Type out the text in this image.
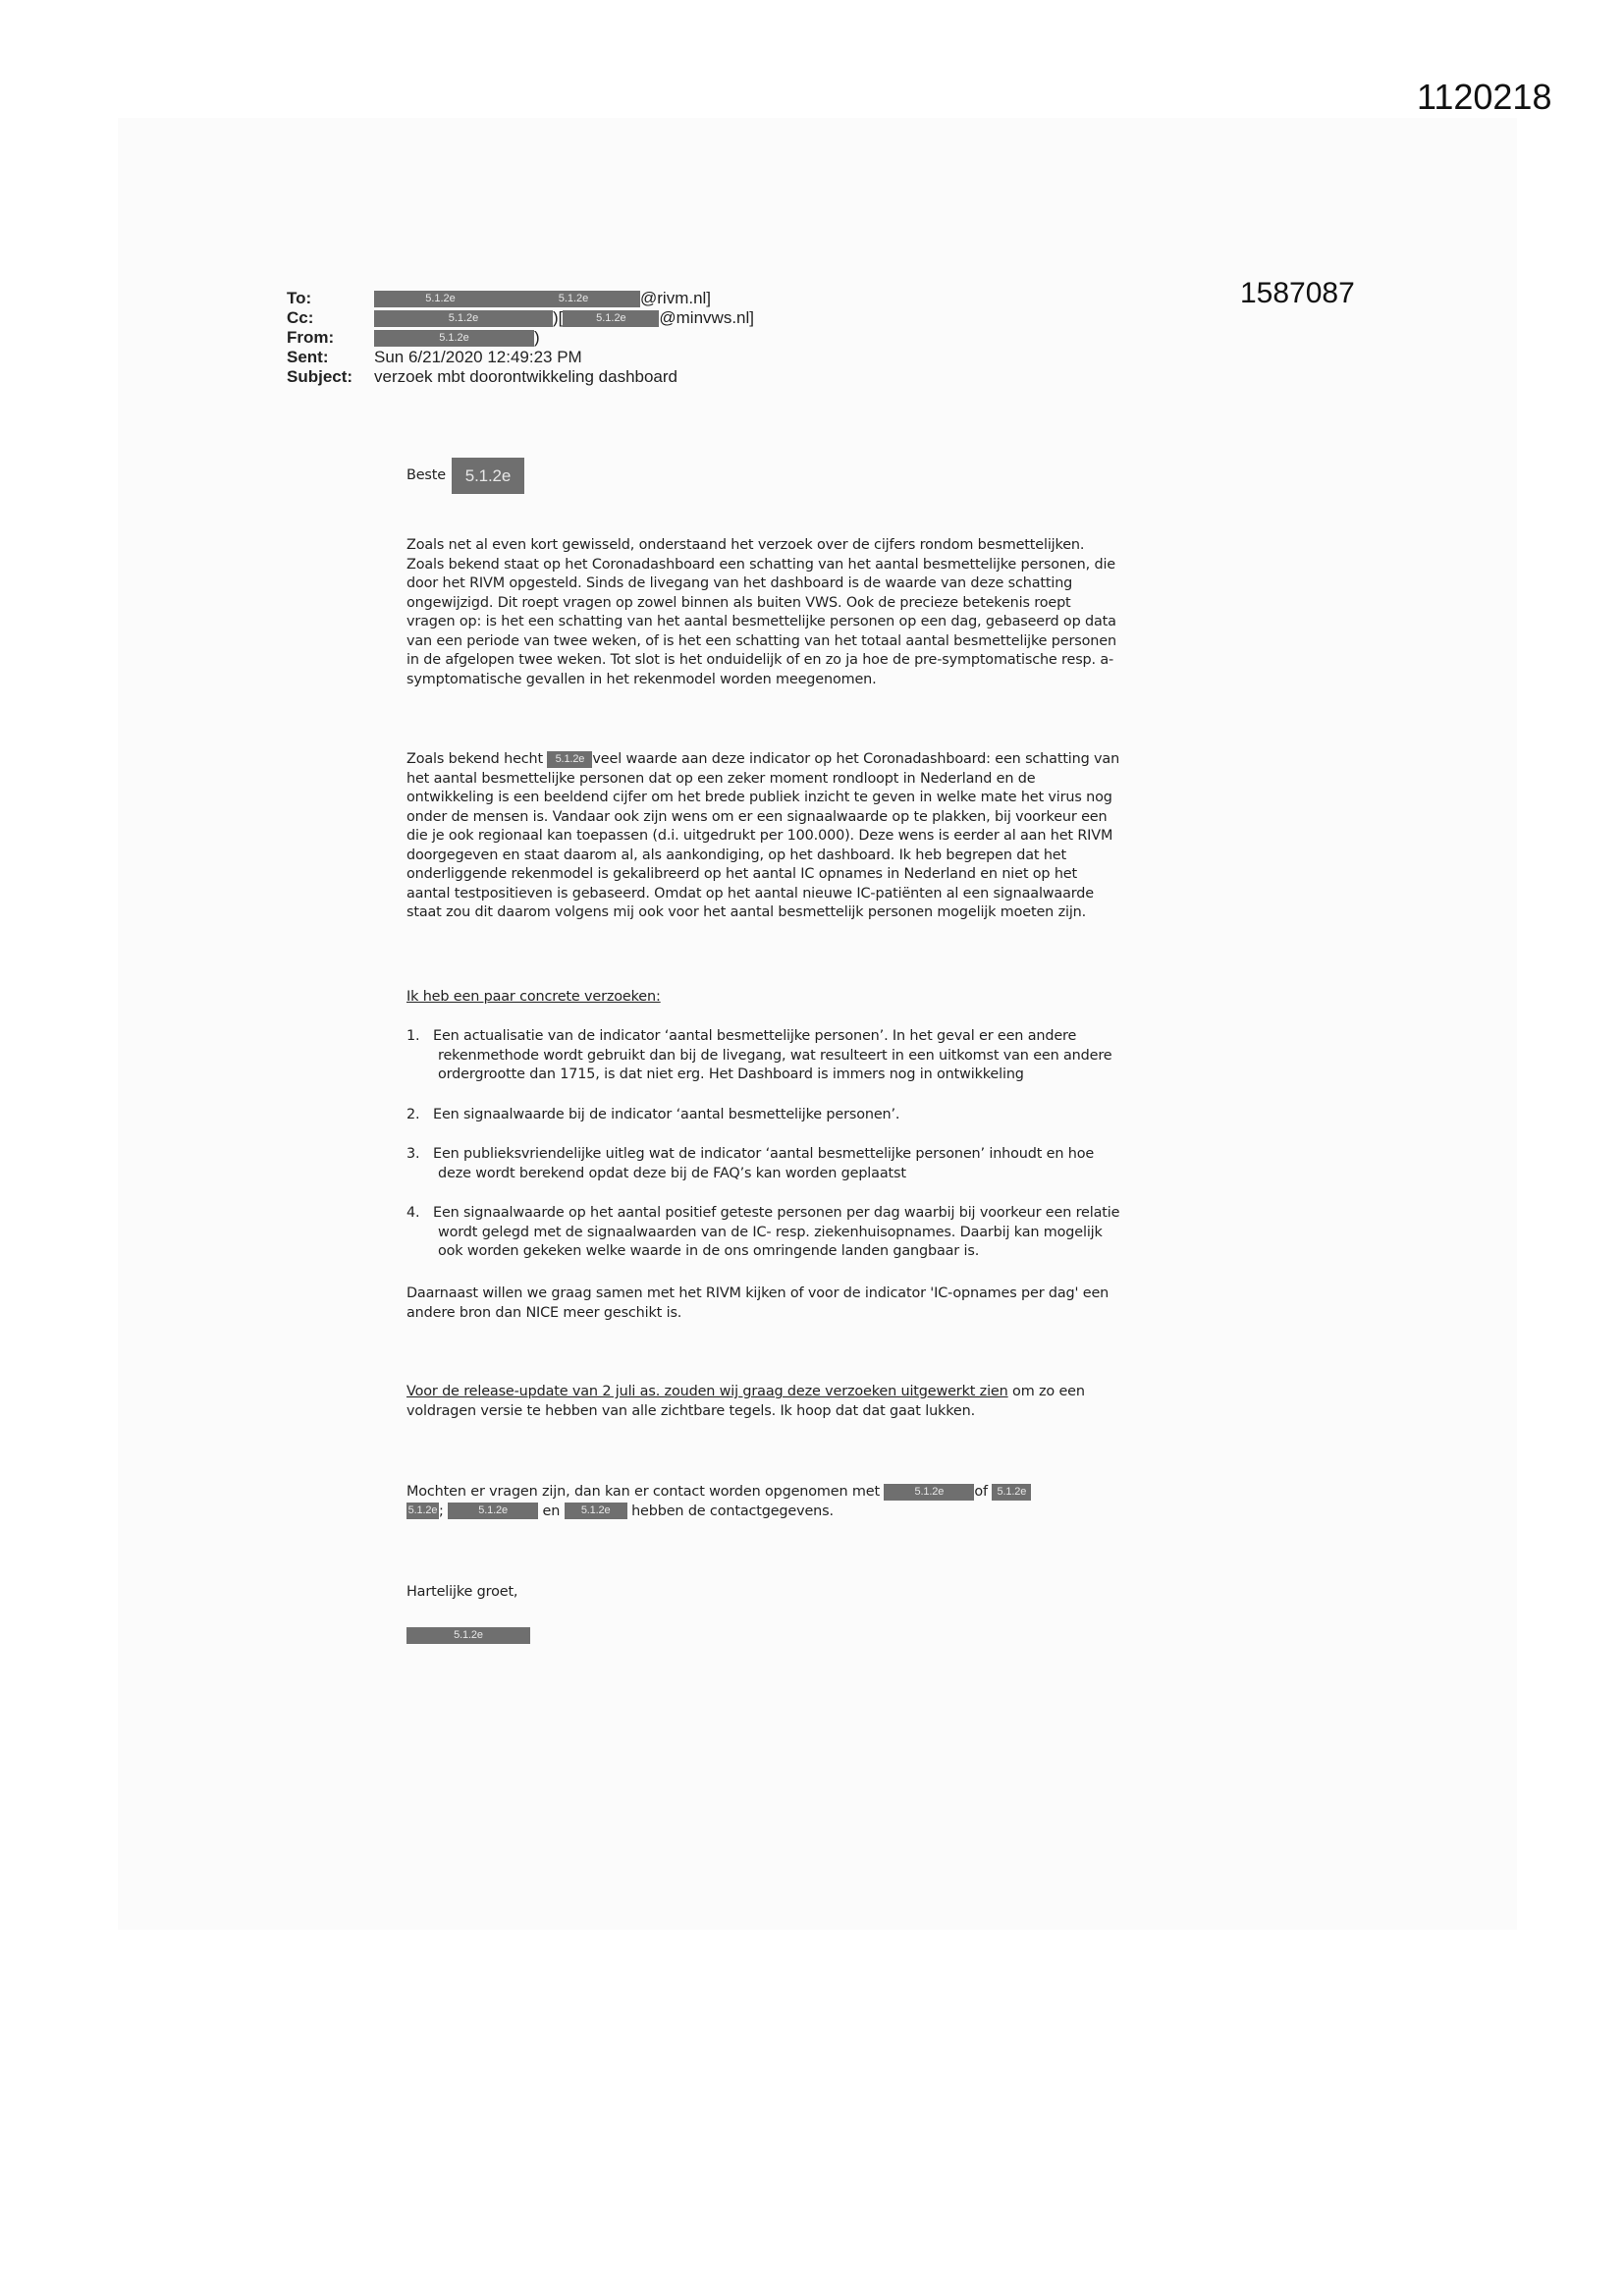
1120218
1587087
To:	5.1.2e	5.1.2e	@rivm.nl]
Cc:	5.1.2e	)[	5.1.2e	@minvws.nl]
From:	5.1.2e	)
Sent:	Sun 6/21/2020 12:49:23 PM
Subject: verzoek mbt doorontwikkeling dashboard
Beste	5.1.2e
Zoals net al even kort gewisseld, onderstaand het verzoek over de cijfers rondom besmettelijken.
Zoals bekend staat op het Coronadashboard een schatting van het aantal besmettelijke personen, die
door het RIVM opgesteld. Sinds de livegang van het dashboard is de waarde van deze schatting
ongewijzigd. Dit roept vragen op zowel binnen als buiten VWS. Ook de precieze betekenis roept
vragen op: is het een schatting van het aantal besmettelijke personen op een dag, gebaseerd op data
van een periode van twee weken, of is het een schatting van het totaal aantal besmettelijke personen
in de afgelopen twee weken. Tot slot is het onduidelijk of en zo ja hoe de pre-symptomatische resp. a-
symptomatische gevallen in het rekenmodel worden meegenomen.
Zoals bekend hecht 5.1.2e veel waarde aan deze indicator op het Coronadashboard: een schatting van
het aantal besmettelijke personen dat op een zeker moment rondloopt in Nederland en de
ontwikkeling is een beeldend cijfer om het brede publiek inzicht te geven in welke mate het virus nog
onder de mensen is. Vandaar ook zijn wens om er een signaalwaarde op te plakken, bij voorkeur een
die je ook regionaal kan toepassen (d.i. uitgedrukt per 100.000). Deze wens is eerder al aan het RIVM
doorgegeven en staat daarom al, als aankondiging, op het dashboard. Ik heb begrepen dat het
onderliggende rekenmodel is gekalibreerd op het aantal IC opnames in Nederland en niet op het
aantal testpositieven is gebaseerd. Omdat op het aantal nieuwe IC-patiënten al een signaalwaarde
staat zou dit daarom volgens mij ook voor het aantal besmettelijk personen mogelijk moeten zijn.
Ik heb een paar concrete verzoeken:
1. Een actualisatie van de indicator ‘aantal besmettelijke personen’. In het geval er een andere
rekenmethode wordt gebruikt dan bij de livegang, wat resulteert in een uitkomst van een andere
ordergrootte dan 1715, is dat niet erg. Het Dashboard is immers nog in ontwikkeling
2. Een signaalwaarde bij de indicator ‘aantal besmettelijke personen’.
3. Een publieksvriendelijke uitleg wat de indicator ‘aantal besmettelijke personen’ inhoudt en hoe
deze wordt berekend opdat deze bij de FAQ’s kan worden geplaatst
4. Een signaalwaarde op het aantal positief geteste personen per dag waarbij bij voorkeur een relatie
wordt gelegd met de signaalwaarden van de IC- resp. ziekenhuisopnames. Daarbij kan mogelijk
ook worden gekeken welke waarde in de ons omringende landen gangbaar is.
Daarnaast willen we graag samen met het RIVM kijken of voor de indicator 'IC-opnames per dag' een
andere bron dan NICE meer geschikt is.
Voor de release-update van 2 juli as. zouden wij graag deze verzoeken uitgewerkt zien om zo een
voldragen versie te hebben van alle zichtbare tegels. Ik hoop dat dat gaat lukken.
Mochten er vragen zijn, dan kan er contact worden opgenomen met	5.1.2e of 5.1.2e
5.1.2e ;	5.1.2e en 5.1.2e hebben de contactgegevens.
Hartelijke groet,
5.1.2e
